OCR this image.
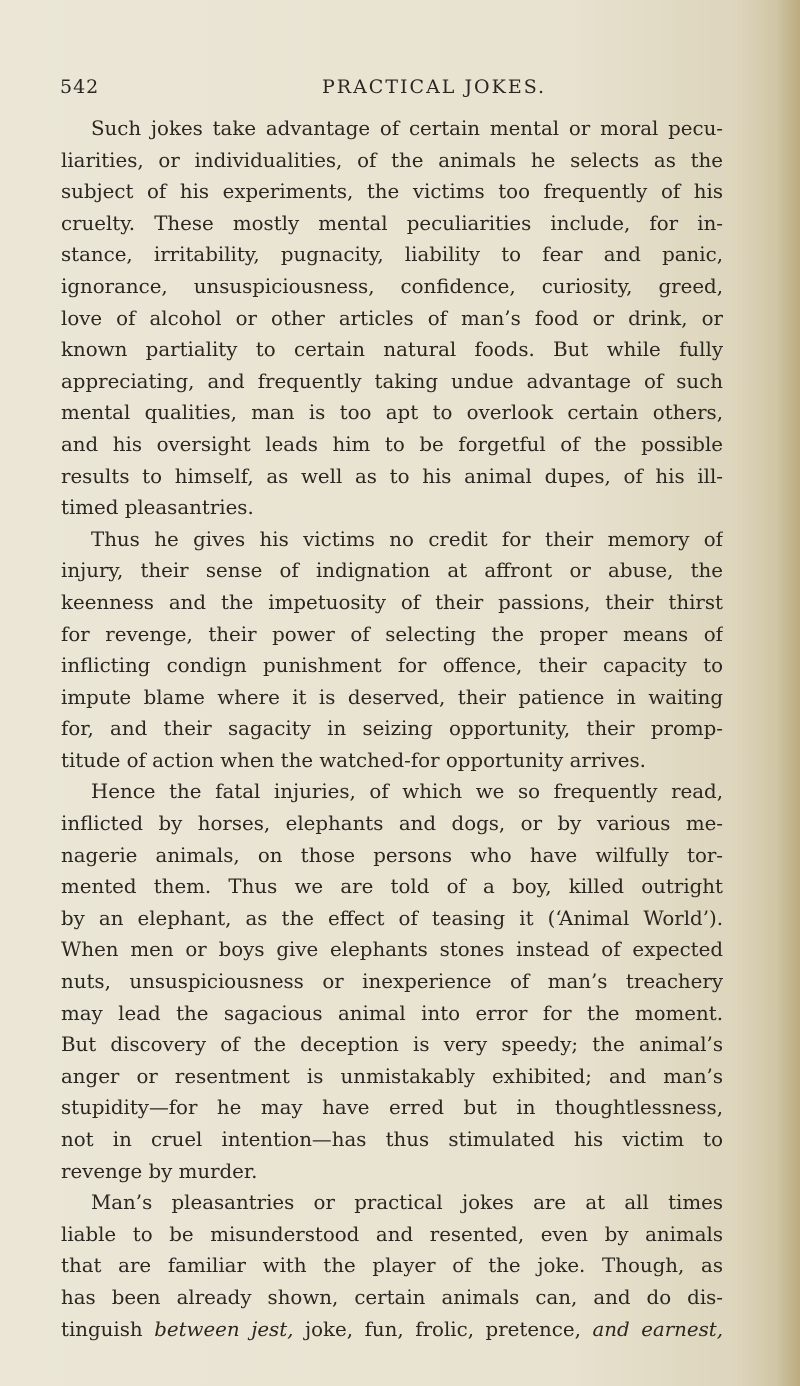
542	PRACTICAL JOKES.
Such jokes take advantage of certain mental or moral pecu-
liarities, or individualities, of the animals he selects as the
subject of his experiments, the victims too frequently of his
cruelty. These mostly mental peculiarities include, for in-
stance, irritability, pugnacity, liability to fear and panic,
ignorance, unsuspiciousness, confidence, curiosity, greed,
love of alcohol or other articles of man’s food or drink, or
known partiality to certain natural foods. But while fully
appreciating, and frequently taking undue advantage of such
mental qualities, man is too apt to overlook certain others,
and his oversight leads him to be forgetful of the possible
results to himself, as well as to his animal dupes, of his ill-
timed pleasantries.
Thus he gives his victims no credit for their memory of
injury, their sense of indignation at affront or abuse, the
keenness and the impetuosity of their passions, their thirst
for revenge, their power of selecting the proper means of
inflicting condign punishment for offence, their capacity to
impute blame where it is deserved, their patience in waiting
for, and their sagacity in seizing opportunity, their promp-
titude of action when the watched-for opportunity arrives.
Hence the fatal injuries, of which we so frequently read,
inflicted by horses, elephants and dogs, or by various me-
nagerie animals, on those persons who have wilfully tor-
mented them. Thus we are told of a boy, killed outright
by an elephant, as the effect of teasing it (‘Animal World’).
When men or boys give elephants stones instead of expected
nuts, unsuspiciousness or inexperience of man’s treachery
may lead the sagacious animal into error for the moment.
But discovery of the deception is very speedy; the animal’s
anger or resentment is unmistakably exhibited; and man’s
stupidity—for he may have erred but in thoughtlessness,
not in cruel intention—has thus stimulated his victim to
revenge by murder.
Man’s pleasantries or practical jokes are at all times
liable to be misunderstood and resented, even by animals
that are familiar with the player of the joke. Though, as
has been already shown, certain animals can, and do dis-
tinguish between jest, joke, fun, frolic, pretence, and earnest,
